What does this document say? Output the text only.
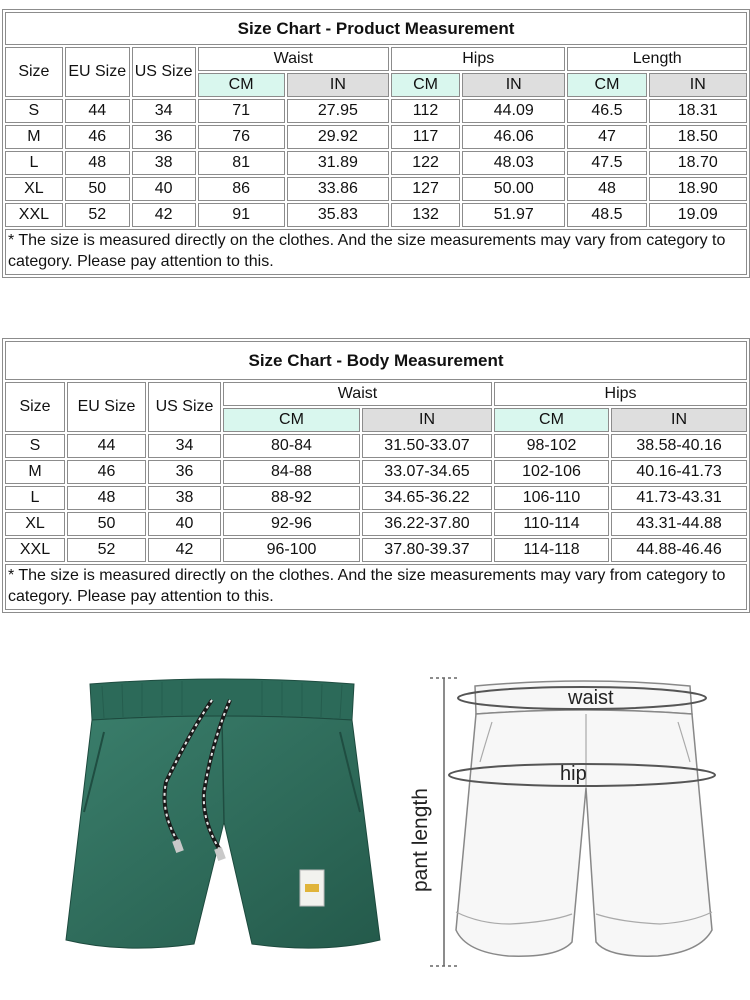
Size Chart - Product Measurement								
Size	EU Size	US Size	Waist		Hips		Length	
			CM	IN	CM	IN	CM	IN
S	44	34	71	27.95	112	44.09	46.5	18.31
M	46	36	76	29.92	117	46.06	47	18.50
L	48	38	81	31.89	122	48.03	47.5	18.70
XL	50	40	86	33.86	127	50.00	48	18.90
XXL	52	42	91	35.83	132	51.97	48.5	19.09
* The size is measured directly on the clothes. And the size measurements may vary from category to category. Please pay attention to this.								
Size Chart - Body Measurement						
Size	EU Size	US Size	Waist		Hips	
			CM	IN	CM	IN
S	44	34	80-84	31.50-33.07	98-102	38.58-40.16
M	46	36	84-88	33.07-34.65	102-106	40.16-41.73
L	48	38	88-92	34.65-36.22	106-110	41.73-43.31
XL	50	40	92-96	36.22-37.80	110-114	43.31-44.88
XXL	52	42	96-100	37.80-39.37	114-118	44.88-46.46
* The size is measured directly on the clothes. And the size measurements may vary from category to category. Please pay attention to this.						
waist
hip
pant length
